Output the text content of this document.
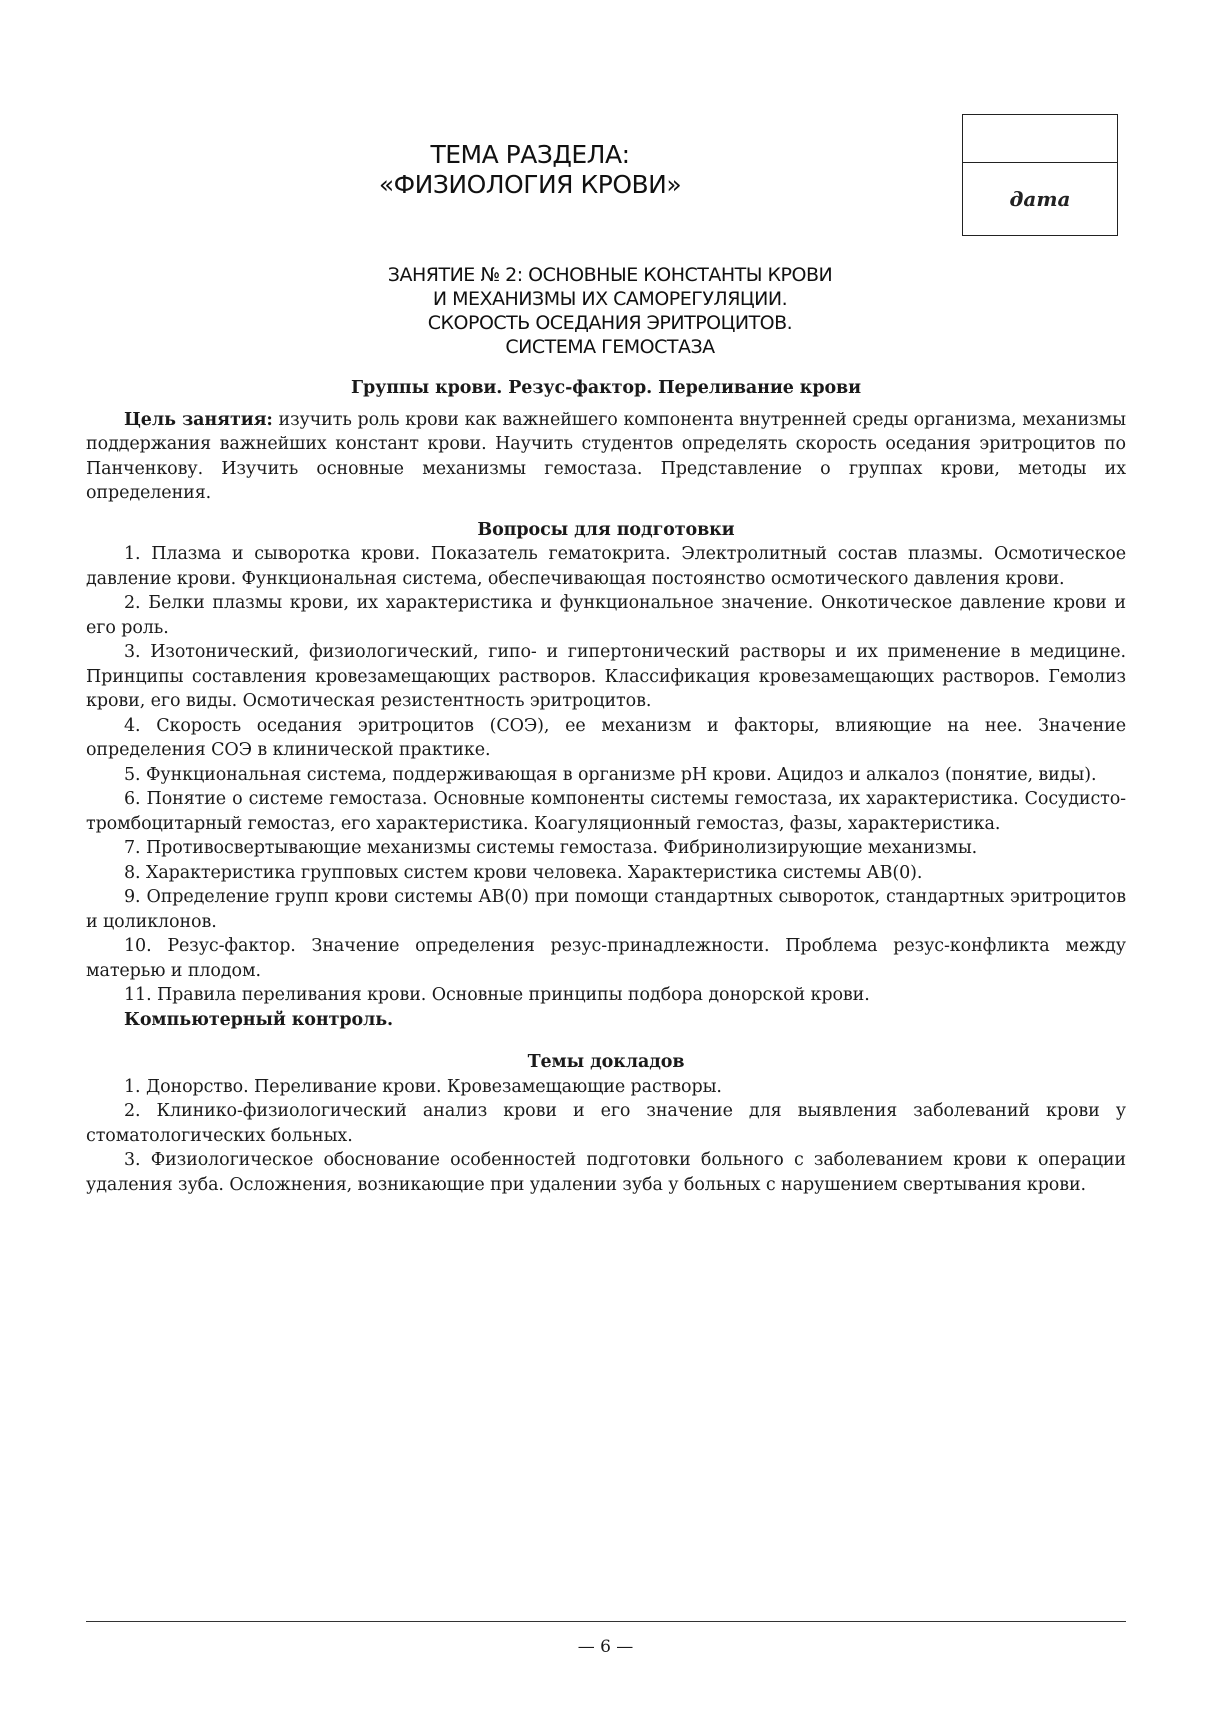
ТЕМА РАЗДЕЛА:
«ФИЗИОЛОГИЯ КРОВИ»	дата
ЗАНЯТИЕ № 2: ОСНОВНЫЕ КОНСТАНТЫ КРОВИ
И МЕХАНИЗМЫ ИХ САМОРЕГУЛЯЦИИ.
СКОРОСТЬ ОСЕДАНИЯ ЭРИТРОЦИТОВ.
СИСТЕМА ГЕМОСТАЗА
Группы крови. Резус-фактор. Переливание крови

Цель занятия: изучить роль крови как важнейшего компонента внутренней среды организма, механизмы поддержания важнейших констант крови. Научить студентов определять скорость оседания эритроцитов по Панченкову. Изучить основные механизмы гемостаза. Представление о группах крови, методы их определения.

Вопросы для подготовки

1. Плазма и сыворотка крови. Показатель гематокрита. Электролитный состав плазмы. Осмотическое давление крови. Функциональная система, обеспечивающая постоянство осмотического давления крови.

2. Белки плазмы крови, их характеристика и функциональное значение. Онкотическое давление крови и его роль.

3. Изотонический, физиологический, гипо- и гипертонический растворы и их применение в медицине. Принципы составления кровезамещающих растворов. Классификация кровезамещающих растворов. Гемолиз крови, его виды. Осмотическая резистентность эритроцитов.

4. Скорость оседания эритроцитов (СОЭ), ее механизм и факторы, влияющие на нее. Значение определения СОЭ в клинической практике.

5. Функциональная система, поддерживающая в организме рН крови. Ацидоз и алкалоз (понятие, виды).

6. Понятие о системе гемостаза. Основные компоненты системы гемостаза, их характеристика. Сосудисто-тромбоцитарный гемостаз, его характеристика. Коагуляционный гемостаз, фазы, характеристика.

7. Противосвертывающие механизмы системы гемостаза. Фибринолизирующие механизмы.

8. Характеристика групповых систем крови человека. Характеристика системы АВ(0).

9. Определение групп крови системы АВ(0) при помощи стандартных сывороток, стандартных эритроцитов и цоликлонов.

10. Резус-фактор. Значение определения резус-принадлежности. Проблема резус-конфликта между матерью и плодом.

11. Правила переливания крови. Основные принципы подбора донорской крови.

Компьютерный контроль.

Темы докладов

1. Донорство. Переливание крови. Кровезамещающие растворы.

2. Клинико-физиологический анализ крови и его значение для выявления заболеваний крови у стоматологических больных.

3. Физиологическое обоснование особенностей подготовки больного с заболеванием крови к операции удаления зуба. Осложнения, возникающие при удалении зуба у больных с нарушением свертывания крови.

— 6 —
